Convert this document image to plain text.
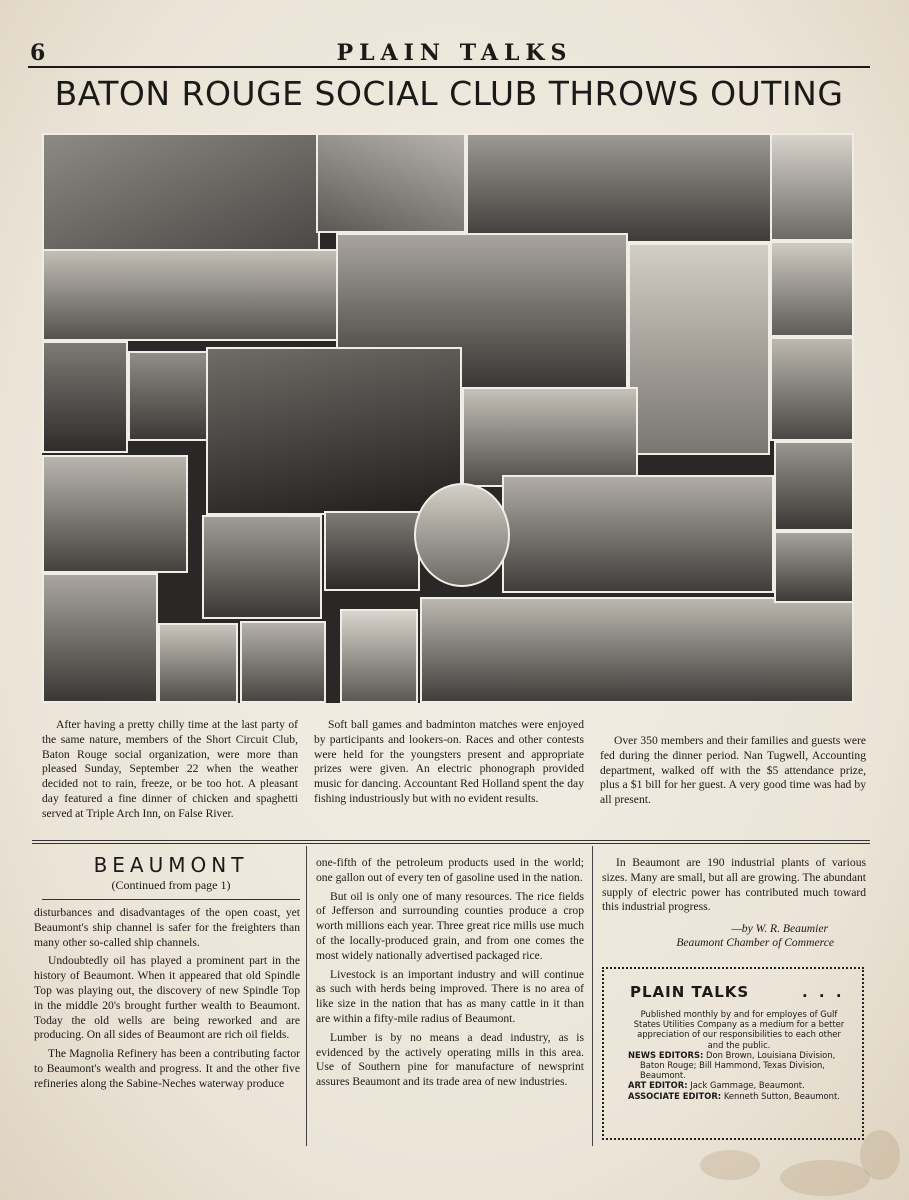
6	PLAIN TALKS
BATON ROUGE SOCIAL CLUB THROWS OUTING

After having a pretty chilly time at the last party of the same nature, members of the Short Circuit Club, Baton Rouge social organization, were more than pleased Sunday, September 22 when the weather decided not to rain, freeze, or be too hot. A pleasant day featured a fine dinner of chicken and spaghetti served at Triple Arch Inn, on False River.

Soft ball games and badminton matches were enjoyed by participants and lookers-on. Races and other contests were held for the youngsters present and appropriate prizes were given. An electric phonograph provided music for dancing. Accountant Red Holland spent the day fishing industriously but with no evident results.

Over 350 members and their families and guests were fed during the dinner period. Nan Tugwell, Accounting department, walked off with the $5 attendance prize, plus a $1 bill for her guest. A very good time was had by all present.

BEAUMONT
(Continued from page 1)

disturbances and disadvantages of the open coast, yet Beaumont's ship channel is safer for the freighters than many other so-called ship channels.

Undoubtedly oil has played a prominent part in the history of Beaumont. When it appeared that old Spindle Top was playing out, the discovery of new Spindle Top in the middle 20's brought further wealth to Beaumont. Today the old wells are being reworked and are producing. On all sides of Beaumont are rich oil fields.

The Magnolia Refinery has been a contributing factor to Beaumont's wealth and progress. It and the other five refineries along the Sabine-Neches waterway produce

one-fifth of the petroleum products used in the world; one gallon out of every ten of gasoline used in the nation.

But oil is only one of many resources. The rice fields of Jefferson and surrounding counties produce a crop worth millions each year. Three great rice mills use much of the locally-produced grain, and from one comes the most widely nationally advertised packaged rice.

Livestock is an important industry and will continue as such with herds being improved. There is no area of like size in the nation that has as many cattle in it than are within a fifty-mile radius of Beaumont.

Lumber is by no means a dead industry, as is evidenced by the actively operating mills in this area. Use of Southern pine for manufacture of newsprint assures Beaumont and its trade area of new industries.

In Beaumont are 190 industrial plants of various sizes. Many are small, but all are growing. The abundant supply of electric power has contributed much toward this industrial progress.

—by W. R. Beaumier
Beaumont Chamber of Commerce
PLAIN TALKS	. . .
Published monthly by and for employes of Gulf States Utilities Company as a medium for a better appreciation of our responsibilities to each other and the public.
NEWS EDITORS: Don Brown, Louisiana Division, Baton Rouge; Bill Hammond, Texas Division, Beaumont.
ART EDITOR: Jack Gammage, Beaumont.
ASSOCIATE EDITOR: Kenneth Sutton, Beaumont.
